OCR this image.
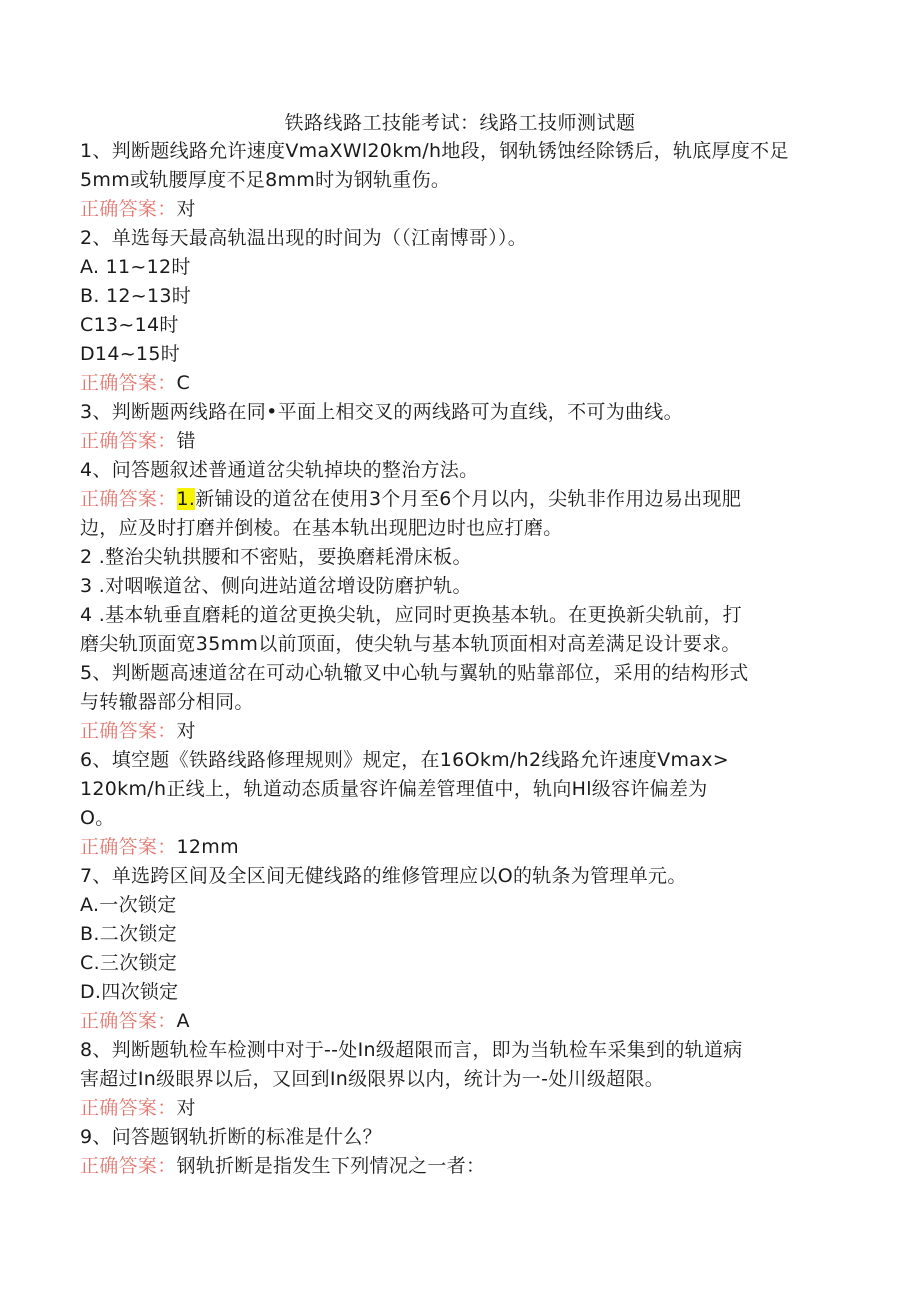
铁路线路工技能考试：线路工技师测试题
1、判断题线路允许速度VmaXWl20km∕h地段，钢轨锈蚀经除锈后，轨底厚度不足
5mm或轨腰厚度不足8mm时为钢轨重伤。
正确答案：对
2、单选每天最高轨温出现的时间为（（江南博哥））。
A. 11~12时
B. 12~13时
C13~14时
D14~15时
正确答案：C
3、判断题两线路在同•平面上相交叉的两线路可为直线，不可为曲线。
正确答案：错
4、问答题叙述普通道岔尖轨掉块的整治方法。
正确答案：1.新铺设的道岔在使用3个月至6个月以内，尖轨非作用边易出现肥
边，应及时打磨并倒棱。在基本轨出现肥边时也应打磨。
2 .整治尖轨拱腰和不密贴，要换磨耗滑床板。
3 .对咽喉道岔、侧向进站道岔增设防磨护轨。
4 .基本轨垂直磨耗的道岔更换尖轨，应同时更换基本轨。在更换新尖轨前，打
磨尖轨顶面宽35mm以前顶面，使尖轨与基本轨顶面相对高差满足设计要求。
5、判断题高速道岔在可动心轨辙叉中心轨与翼轨的贴靠部位，采用的结构形式
与转辙器部分相同。
正确答案：对
6、填空题《铁路线路修理规则》规定，在16Okm∕h2线路允许速度Vmax>
120km∕h正线上，轨道动态质量容许偏差管理值中，轨向Hl级容许偏差为
O。
正确答案：12mm
7、单选跨区间及全区间无健线路的维修管理应以O的轨条为管理单元。
A.一次锁定
B.二次锁定
C.三次锁定
D.四次锁定
正确答案：A
8、判断题轨检车检测中对于--处In级超限而言，即为当轨检车采集到的轨道病
害超过In级眼界以后，又回到In级限界以内，统计为一-处川级超限。
正确答案：对
9、问答题钢轨折断的标准是什么？
正确答案：钢轨折断是指发生下列情况之一者：
